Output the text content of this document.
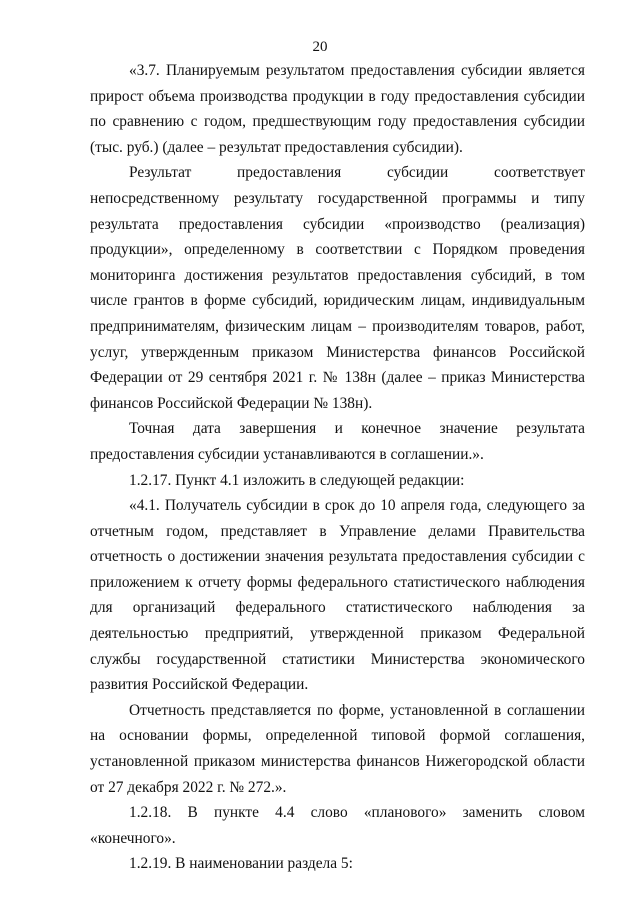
20

«3.7. Планируемым результатом предоставления субсидии является прирост объема производства продукции в году предоставления субсидии по сравнению с годом, предшествующим году предоставления субсидии (тыс. руб.) (далее – результат предоставления субсидии).

Результат предоставления субсидии соответствует непосредственному результату государственной программы и типу результата предоставления субсидии «производство (реализация) продукции», определенному в соответствии с Порядком проведения мониторинга достижения результатов предоставления субсидий, в том числе грантов в форме субсидий, юридическим лицам, индивидуальным предпринимателям, физическим лицам – производителям товаров, работ, услуг, утвержденным приказом Министерства финансов Российской Федерации от 29 сентября 2021 г. № 138н (далее – приказ Министерства финансов Российской Федерации № 138н).

Точная дата завершения и конечное значение результата предоставления субсидии устанавливаются в соглашении.».

1.2.17. Пункт 4.1 изложить в следующей редакции:

«4.1. Получатель субсидии в срок до 10 апреля года, следующего за отчетным годом, представляет в Управление делами Правительства отчетность о достижении значения результата предоставления субсидии с приложением к отчету формы федерального статистического наблюдения для организаций федерального статистического наблюдения за деятельностью предприятий, утвержденной приказом Федеральной службы государственной статистики Министерства экономического развития Российской Федерации.

Отчетность представляется по форме, установленной в соглашении на основании формы, определенной типовой формой соглашения, установленной приказом министерства финансов Нижегородской области от 27 декабря 2022 г. № 272.».

1.2.18. В пункте 4.4 слово «планового» заменить словом «конечного».

1.2.19. В наименовании раздела 5:
